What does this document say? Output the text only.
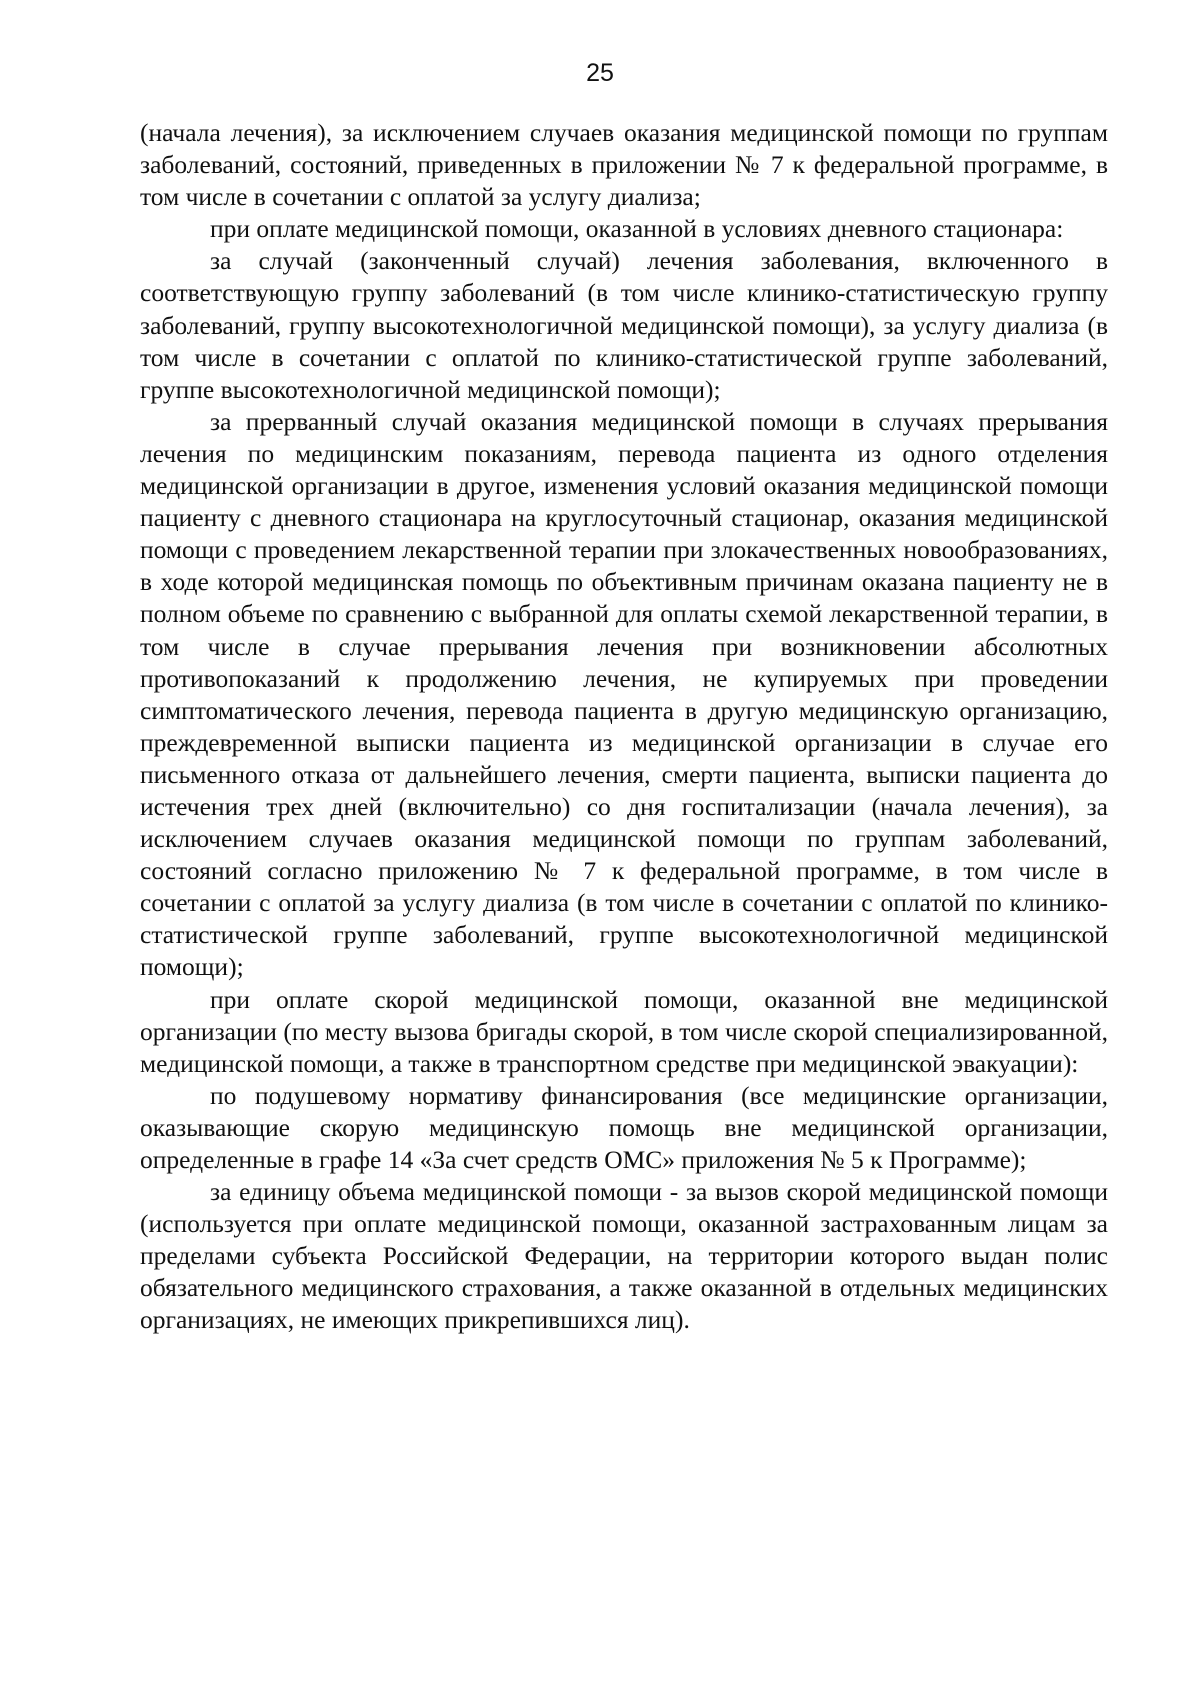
25

(начала лечения), за исключением случаев оказания медицинской помощи по группам заболеваний, состояний, приведенных в приложении № 7 к федеральной программе, в том числе в сочетании с оплатой за услугу диализа;

при оплате медицинской помощи, оказанной в условиях дневного стационара:

за случай (законченный случай) лечения заболевания, включенного в соответствующую группу заболеваний (в том числе клинико-статистическую группу заболеваний, группу высокотехнологичной медицинской помощи), за услугу диализа (в том числе в сочетании с оплатой по клинико-статистической группе заболеваний, группе высокотехнологичной медицинской помощи);

за прерванный случай оказания медицинской помощи в случаях прерывания лечения по медицинским показаниям, перевода пациента из одного отделения медицинской организации в другое, изменения условий оказания медицинской помощи пациенту с дневного стационара на круглосуточный стационар, оказания медицинской помощи с проведением лекарственной терапии при злокачественных новообразованиях, в ходе которой медицинская помощь по объективным причинам оказана пациенту не в полном объеме по сравнению с выбранной для оплаты схемой лекарственной терапии, в том числе в случае прерывания лечения при возникновении абсолютных противопоказаний к продолжению лечения, не купируемых при проведении симптоматического лечения, перевода пациента в другую медицинскую организацию, преждевременной выписки пациента из медицинской организации в случае его письменного отказа от дальнейшего лечения, смерти пациента, выписки пациента до истечения трех дней (включительно) со дня госпитализации (начала лечения), за исключением случаев оказания медицинской помощи по группам заболеваний, состояний согласно приложению № 7 к федеральной программе, в том числе в сочетании с оплатой за услугу диализа (в том числе в сочетании с оплатой по клинико-статистической группе заболеваний, группе высокотехнологичной медицинской помощи);

при оплате скорой медицинской помощи, оказанной вне медицинской организации (по месту вызова бригады скорой, в том числе скорой специализированной, медицинской помощи, а также в транспортном средстве при медицинской эвакуации):

по подушевому нормативу финансирования (все медицинские организации, оказывающие скорую медицинскую помощь вне медицинской организации, определенные в графе 14 «За счет средств ОМС» приложения № 5 к Программе);

за единицу объема медицинской помощи - за вызов скорой медицинской помощи (используется при оплате медицинской помощи, оказанной застрахованным лицам за пределами субъекта Российской Федерации, на территории которого выдан полис обязательного медицинского страхования, а также оказанной в отдельных медицинских организациях, не имеющих прикрепившихся лиц).
